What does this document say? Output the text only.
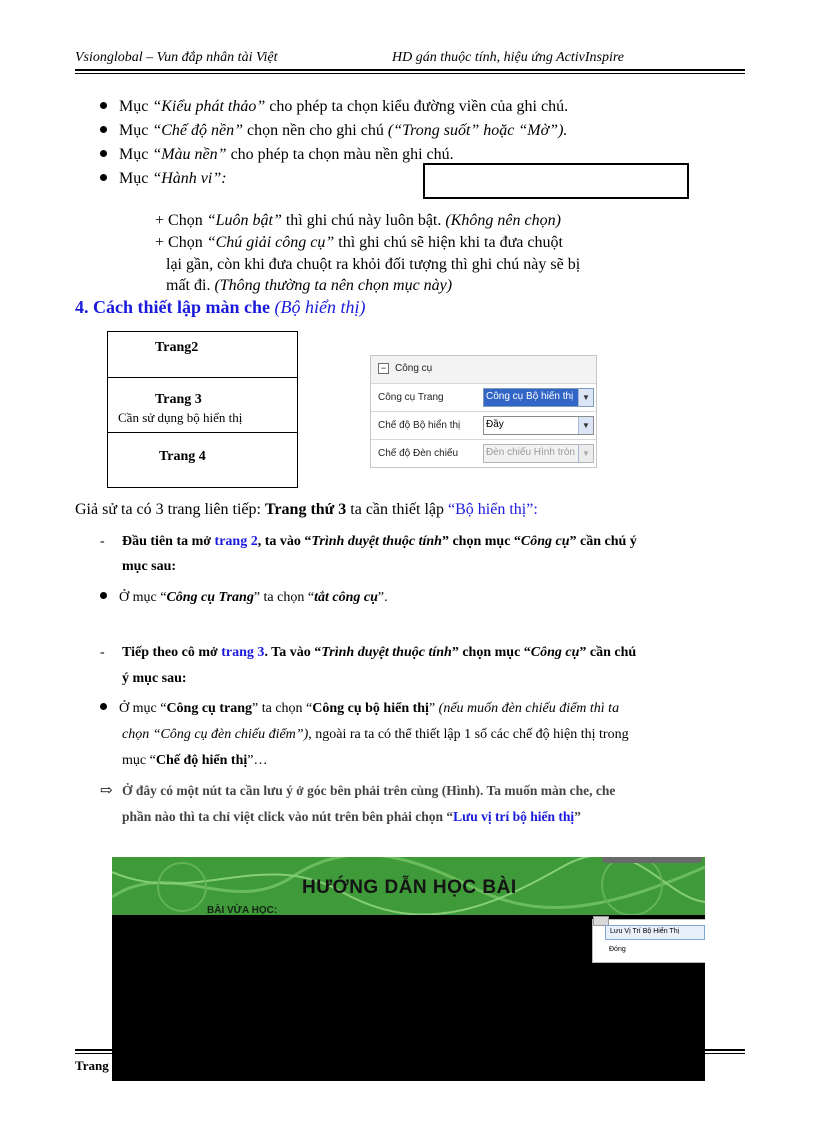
Vsionglobal – Vun đắp nhân tài Việt	HD gán thuộc tính, hiệu ứng ActivInspire
Mục “Kiểu phát thảo” cho phép ta chọn kiểu đường viền của ghi chú.
Mục “Chế độ nền” chọn nền cho ghi chú (“Trong suốt” hoặc “Mờ”).
Mục “Màu nền” cho phép ta chọn màu nền ghi chú.
Mục “Hành vi”:
+ Chọn “Luôn bật” thì ghi chú này luôn bật. (Không nên chọn)
+ Chọn “Chú giải công cụ” thì ghi chú sẽ hiện khi ta đưa chuột
lại gần, còn khi đưa chuột ra khỏi đối tượng thì ghi chú này sẽ bị
mất đi. (Thông thường ta nên chọn mục này)
4. Cách thiết lập màn che (Bộ hiển thị)
Trang2
Trang 3
Cần sử dụng bộ hiển thị
Trang 4
− Công cụ
Công cụ Trang	Công cụ Bộ hiển thị	▼
Chế độ Bộ hiển thị	Đầy	▼
Chế độ Đèn chiếu	Đèn chiếu Hình tròn ▼
Giả sử ta có 3 trang liên tiếp: Trang thứ 3 ta cần thiết lập “Bộ hiển thị”:
- Đầu tiên ta mở trang 2, ta vào “Trình duyệt thuộc tính” chọn mục “Công cụ” cần chú ý
mục sau:
Ở mục “Công cụ Trang” ta chọn “tắt công cụ”.
- Tiếp theo cô mở trang 3. Ta vào “Trình duyệt thuộc tính” chọn mục “Công cụ” cần chú
ý mục sau:
Ở mục “Công cụ trang” ta chọn “Công cụ bộ hiển thị” (nếu muốn đèn chiếu điểm thì ta
chọn “Công cụ đèn chiếu điểm”), ngoài ra ta có thể thiết lập 1 số các chế độ hiện thị trong
mục “Chế độ hiển thị”…
⇨ Ở đây có một nút ta cần lưu ý ở góc bên phải trên cùng (Hình). Ta muốn màn che, che
phần nào thì ta chỉ việt click vào nút trên bên phải chọn “Lưu vị trí bộ hiển thị”
Trang
HƯỚNG DẪN HỌC BÀI
BÀI VỪA HỌC:
Lưu Vị Trí Bộ Hiển Thị
Đóng
